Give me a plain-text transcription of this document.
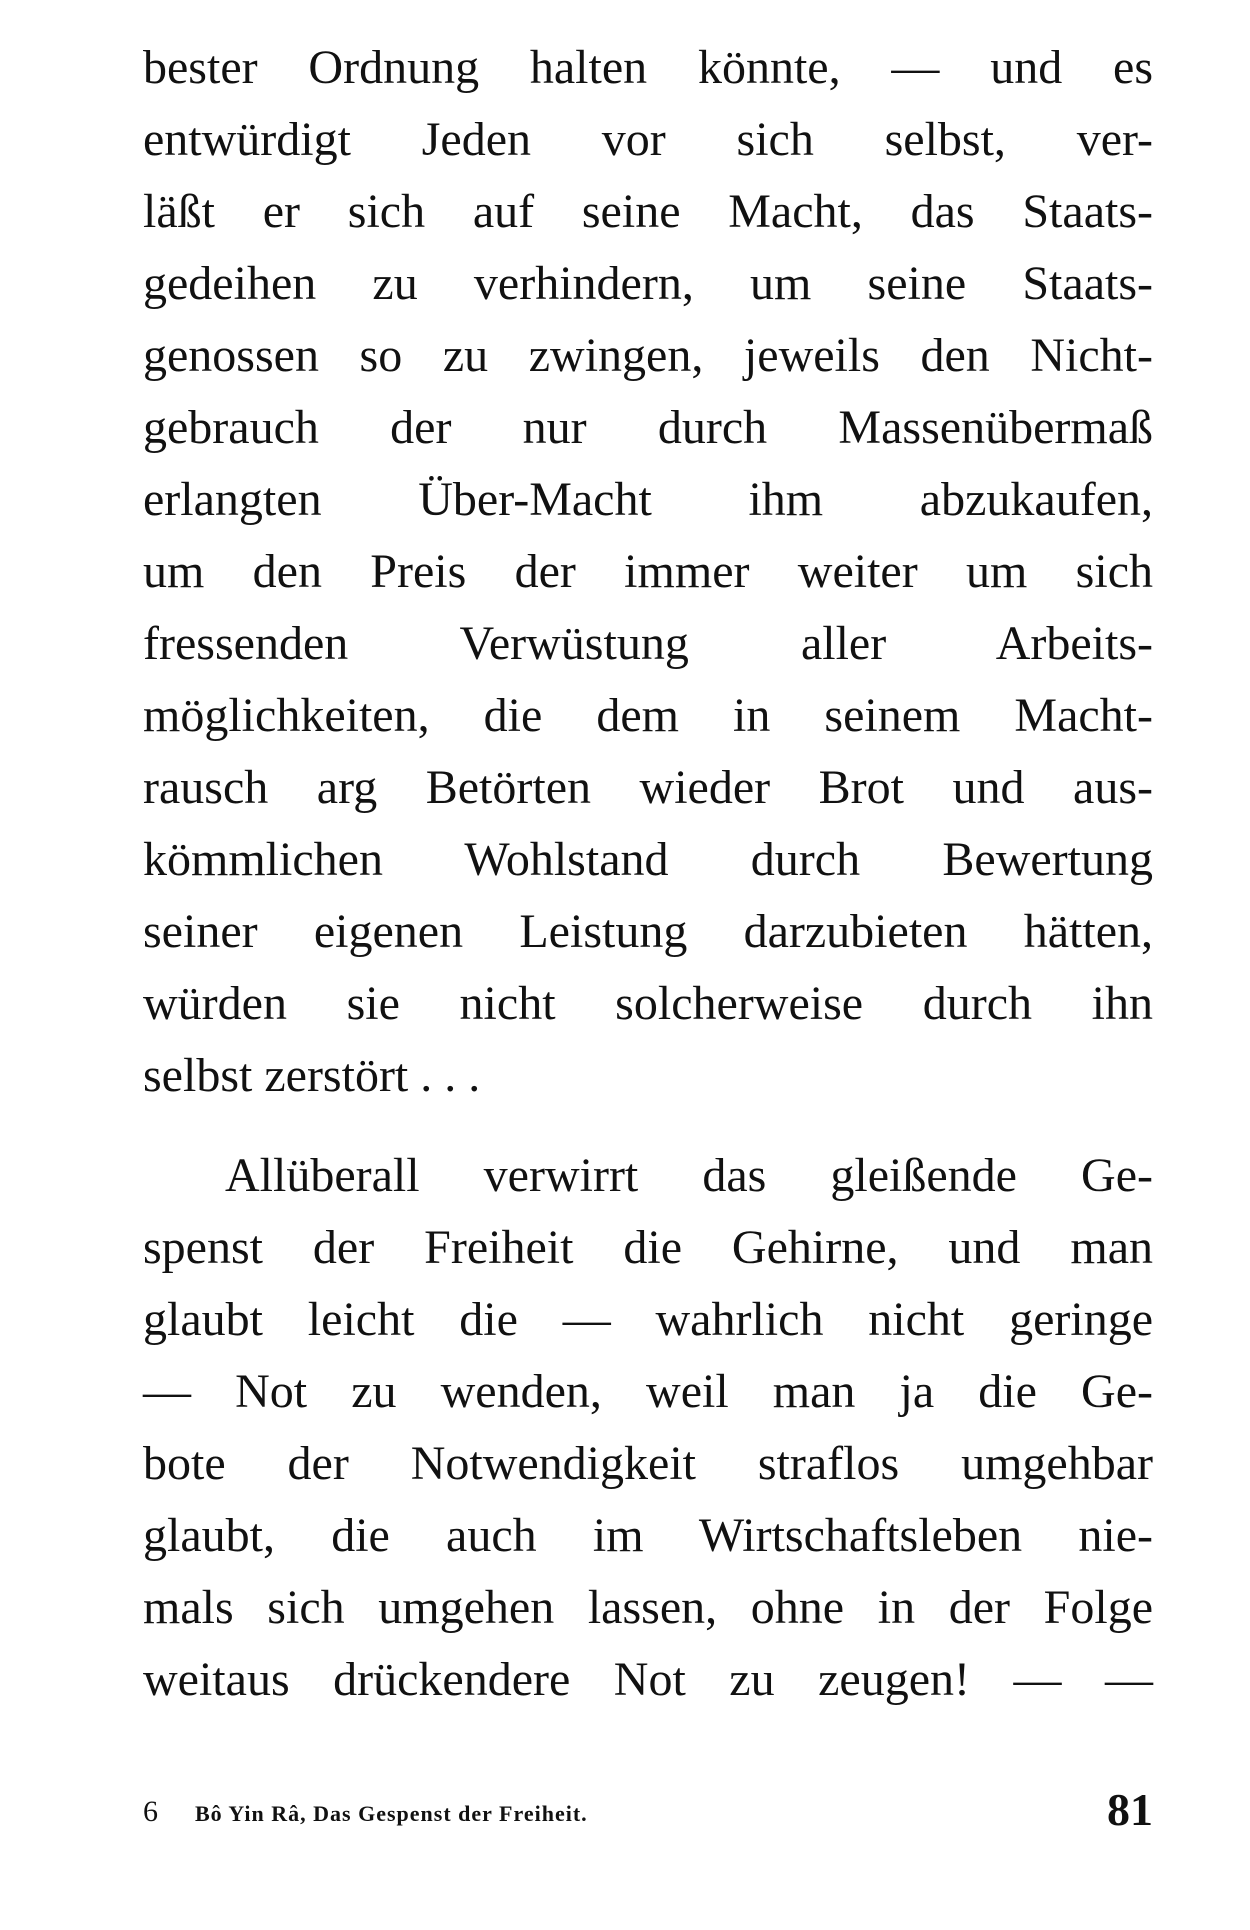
bester Ordnung halten könnte, — und es
entwürdigt Jeden vor sich selbst, ver-
läßt er sich auf seine Macht, das Staats-
gedeihen zu verhindern, um seine Staats-
genossen so zu zwingen, jeweils den Nicht-
gebrauch der nur durch Massenübermaß
erlangten Über-Macht ihm abzukaufen,
um den Preis der immer weiter um sich
fressenden Verwüstung aller Arbeits-
möglichkeiten, die dem in seinem Macht-
rausch arg Betörten wieder Brot und aus-
kömmlichen Wohlstand durch Bewertung
seiner eigenen Leistung darzubieten hätten,
würden sie nicht solcherweise durch ihn
selbst zerstört . . .
Allüberall verwirrt das gleißende Ge-
spenst der Freiheit die Gehirne, und man
glaubt leicht die — wahrlich nicht geringe
— Not zu wenden, weil man ja die Ge-
bote der Notwendigkeit straflos umgehbar
glaubt, die auch im Wirtschaftsleben nie-
mals sich umgehen lassen, ohne in der Folge
weitaus drückendere Not zu zeugen! — —
6 Bô Yin Râ, Das Gespenst der Freiheit.	81
